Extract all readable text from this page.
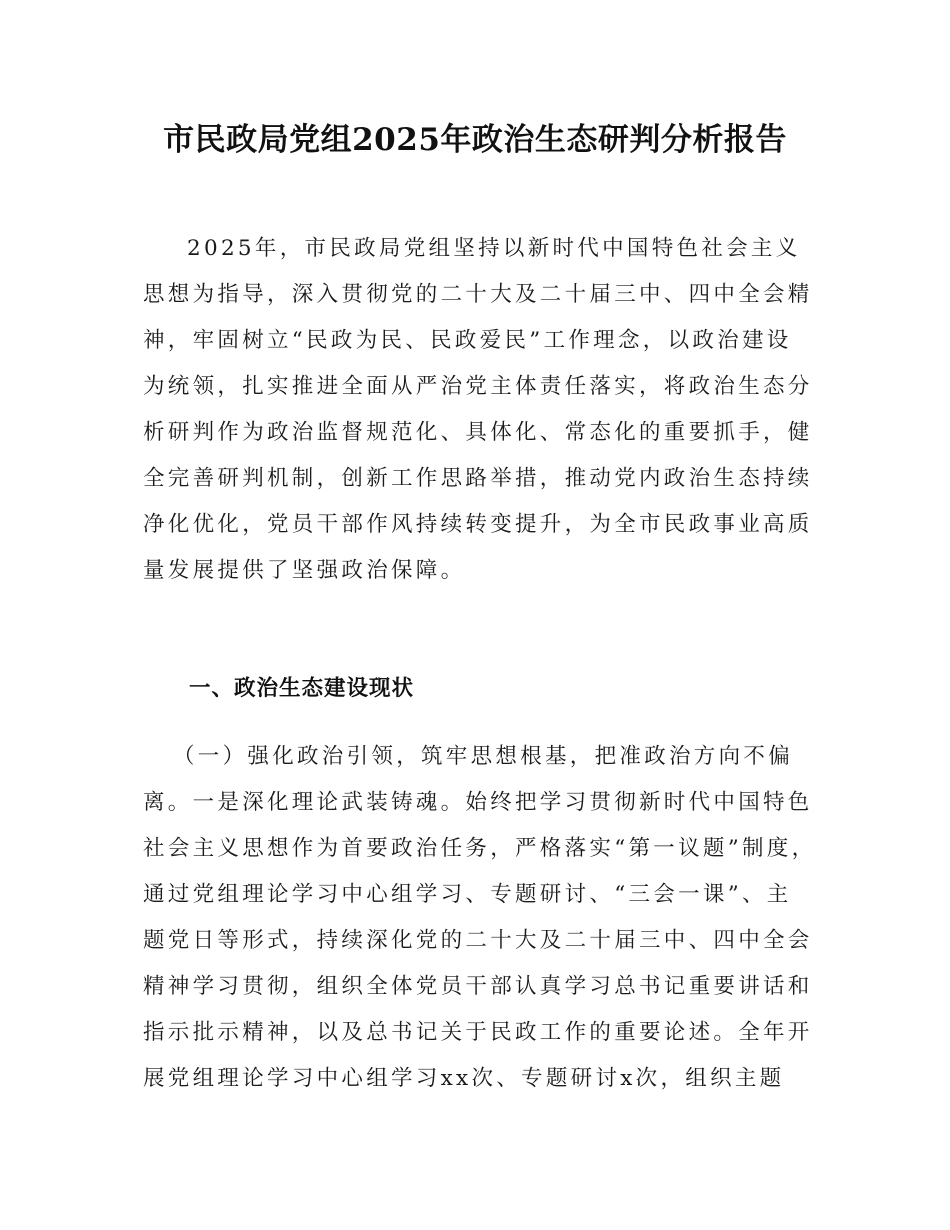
市民政局党组2025年政治生态研判分析报告
2025年，市民政局党组坚持以新时代中国特色社会主义
思想为指导，深入贯彻党的二十大及二十届三中、四中全会精
神，牢固树立“民政为民、民政爱民”工作理念，以政治建设
为统领，扎实推进全面从严治党主体责任落实，将政治生态分
析研判作为政治监督规范化、具体化、常态化的重要抓手，健
全完善研判机制，创新工作思路举措，推动党内政治生态持续
净化优化，党员干部作风持续转变提升，为全市民政事业高质
量发展提供了坚强政治保障。
一、政治生态建设现状
（一）强化政治引领，筑牢思想根基，把准政治方向不偏
离。一是深化理论武装铸魂。始终把学习贯彻新时代中国特色
社会主义思想作为首要政治任务，严格落实“第一议题”制度，
通过党组理论学习中心组学习、专题研讨、“三会一课”、主
题党日等形式，持续深化党的二十大及二十届三中、四中全会
精神学习贯彻，组织全体党员干部认真学习总书记重要讲话和
指示批示精神，以及总书记关于民政工作的重要论述。全年开
展党组理论学习中心组学习xx次、专题研讨x次，组织主题
